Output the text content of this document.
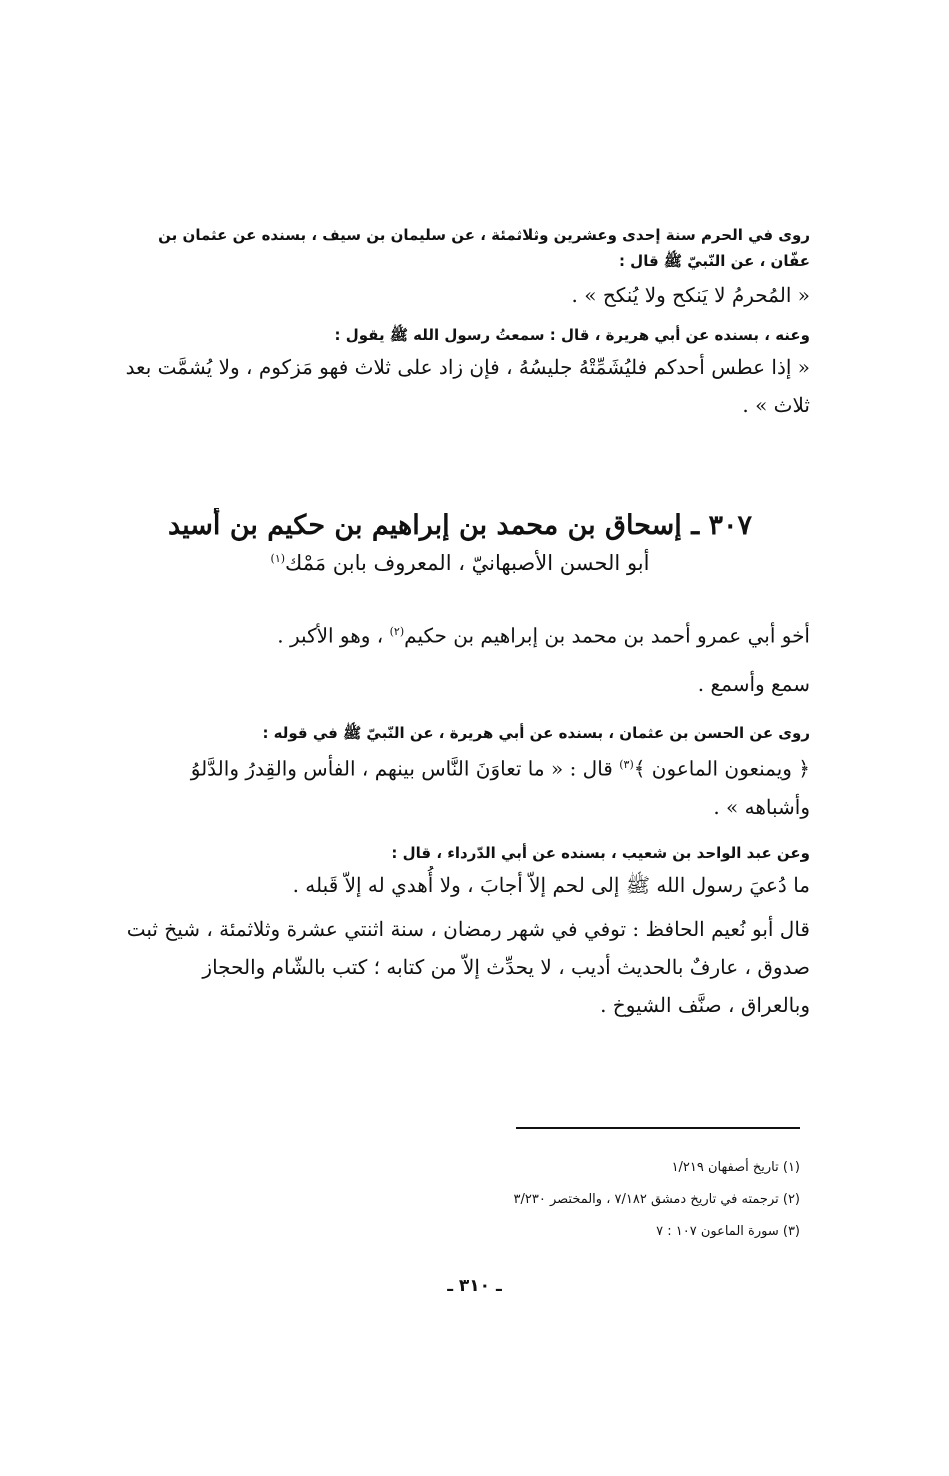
روى في الحرم سنة إحدى وعشرين وثلاثمئة ، عن سليمان بن سيف ، بسنده عن عثمان بن
عفّان ، عن النّبيّ ﷺ قال :
« المُحرمُ لا يَنكح ولا يُنكح » .
وعنه ، بسنده عن أبي هريرة ، قال : سمعتُ رسول الله ﷺ يقول :
« إذا عطس أحدكم فليُشَمِّتْهُ جليسُهُ ، فإن زاد على ثلاث فهو مَزكوم ، ولا يُشمَّت بعد
ثلاث » .
٣٠٧ ـ إسحاق بن محمد بن إبراهيم بن حكيم بن أسيد
أبو الحسن الأصبهانيّ ، المعروف بابن مَمْك$^{(١)}$
أخو أبي عمرو أحمد بن محمد بن إبراهيم بن حكيم$^{(٢)}$ ، وهو الأكبر .
سمع وأسمع .
روى عن الحسن بن عثمان ، بسنده عن أبي هريرة ، عن النّبيّ ﷺ في قوله :
﴿ ويمنعون الماعون ﴾$^{(٣)}$ قال : « ما تعاوَنَ النَّاس بينهم ، الفأس والقِدرُ والدَّلوُ
وأشباهه » .
وعن عبد الواحد بن شعيب ، بسنده عن أبي الدّرداء ، قال :
ما دُعيَ رسول الله ﷺ إلى لحم إلاّ أجابَ ، ولا أُهدي له إلاّ قَبله .
قال أبو نُعيم الحافظ : توفي في شهر رمضان ، سنة اثنتي عشرة وثلاثمئة ، شيخ ثبت
صدوق ، عارفٌ بالحديث أديب ، لا يحدِّث إلاّ من كتابه ؛ كتب بالشّام والحجاز
وبالعراق ، صنَّف الشيوخ .
(١) تاريخ أصفهان ١/٢١٩
(٢) ترجمته في تاريخ دمشق ٧/١٨٢ ، والمختصر ٣/٢٣٠
(٣) سورة الماعون ١٠٧ : ٧
ـ ٣١٠ ـ
